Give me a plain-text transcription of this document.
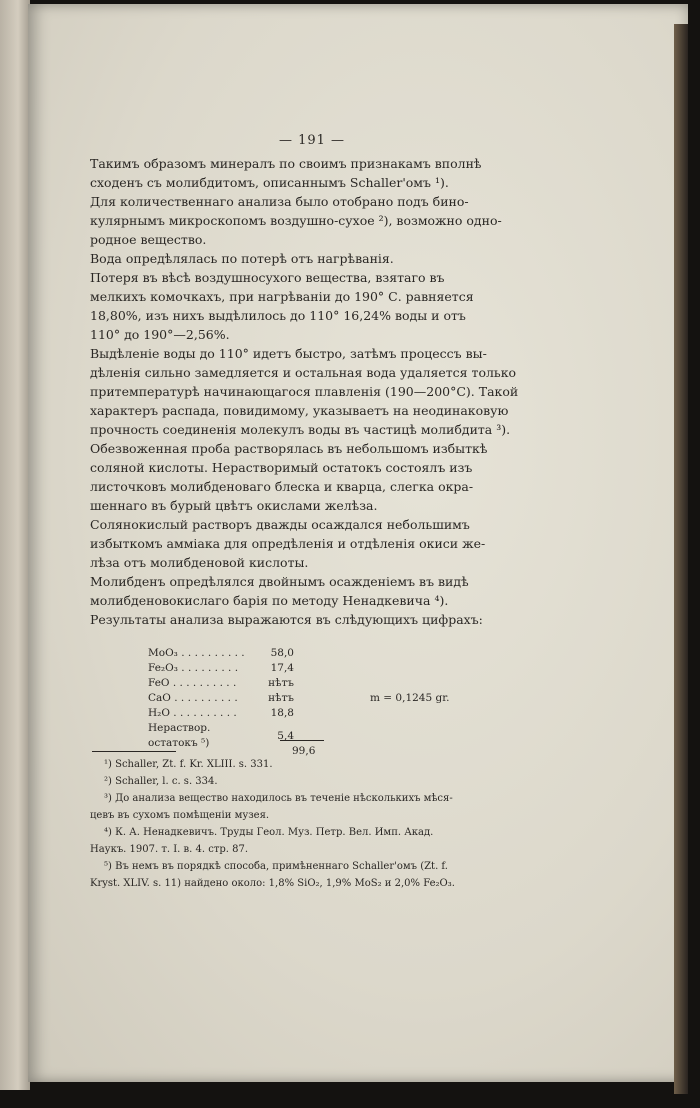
— 191 —
Такимъ образомъ минералъ по своимъ признакамъ вполнѣ
сходенъ съ молибдитомъ, описаннымъ Schaller'омъ ¹).
Для количественнаго анализа было отобрано подъ бино-
кулярнымъ микроскопомъ воздушно-сухое ²), возможно одно-
родное вещество.
Вода опредѣлялась по потерѣ отъ нагрѣванія.
Потеря въ вѣсѣ воздушносухого вещества, взятаго въ
мелкихъ комочкахъ, при нагрѣваніи до 190° С. равняется
18,80%, изъ нихъ выдѣлилось до 110° 16,24% воды и отъ
110° до 190°—2,56%.
Выдѣленіе воды до 110° идетъ быстро, затѣмъ процессъ вы-
дѣленія сильно замедляется и остальная вода удаляется только
притемпературѣ начинающагося плавленія (190—200°С). Такой
характеръ распада, повидимому, указываетъ на неодинаковую
прочность соединенія молекулъ воды въ частицѣ молибдита ³).
Обезвоженная проба растворялась въ небольшомъ избыткѣ
соляной кислоты. Нерастворимый остатокъ состоялъ изъ
листочковъ молибденоваго блеска и кварца, слегка окра-
шеннаго въ бурый цвѣтъ окислами желѣза.
Солянокислый растворъ дважды осаждался небольшимъ
избыткомъ аммiака для опредѣленія и отдѣленія окиси же-
лѣза отъ молибденовой кислоты.
Молибденъ опредѣлялся двойнымъ осажденіемъ въ видѣ
молибденовокислаго барія по методу Ненадкевича ⁴).
Результаты анализа выражаются въ слѣдующихъ цифрахъ:
MoO₃ . . . . . . . . . .	58,0
Fe₂O₃ . . . . . . . . .	17,4
FeO . . . . . . . . . .	нѣтъ
CaO . . . . . . . . . .	нѣтъ
H₂O . . . . . . . . . .	18,8
Нераствор. остатокъ ⁵)	5,4
99,6
m = 0,1245 gr.
¹) Schaller, Zt. f. Kr. XLIII. s. 331.
²) Schaller, l. c. s. 334.
³) До анализа вещество находилось въ теченіе нѣсколькихъ мѣся-
цевъ въ сухомъ помѣщеніи музея.
⁴) К. А. Ненадкевичъ. Труды Геол. Муз. Петр. Вел. Имп. Акад.
Наукъ. 1907. т. I. в. 4. стр. 87.
⁵) Въ немъ въ порядкѣ способа, примѣненнаго Schaller'омъ (Zt. f.
Kryst. XLIV. s. 11) найдено около: 1,8% SiO₂, 1,9% MoS₂ и 2,0% Fe₂O₃.
